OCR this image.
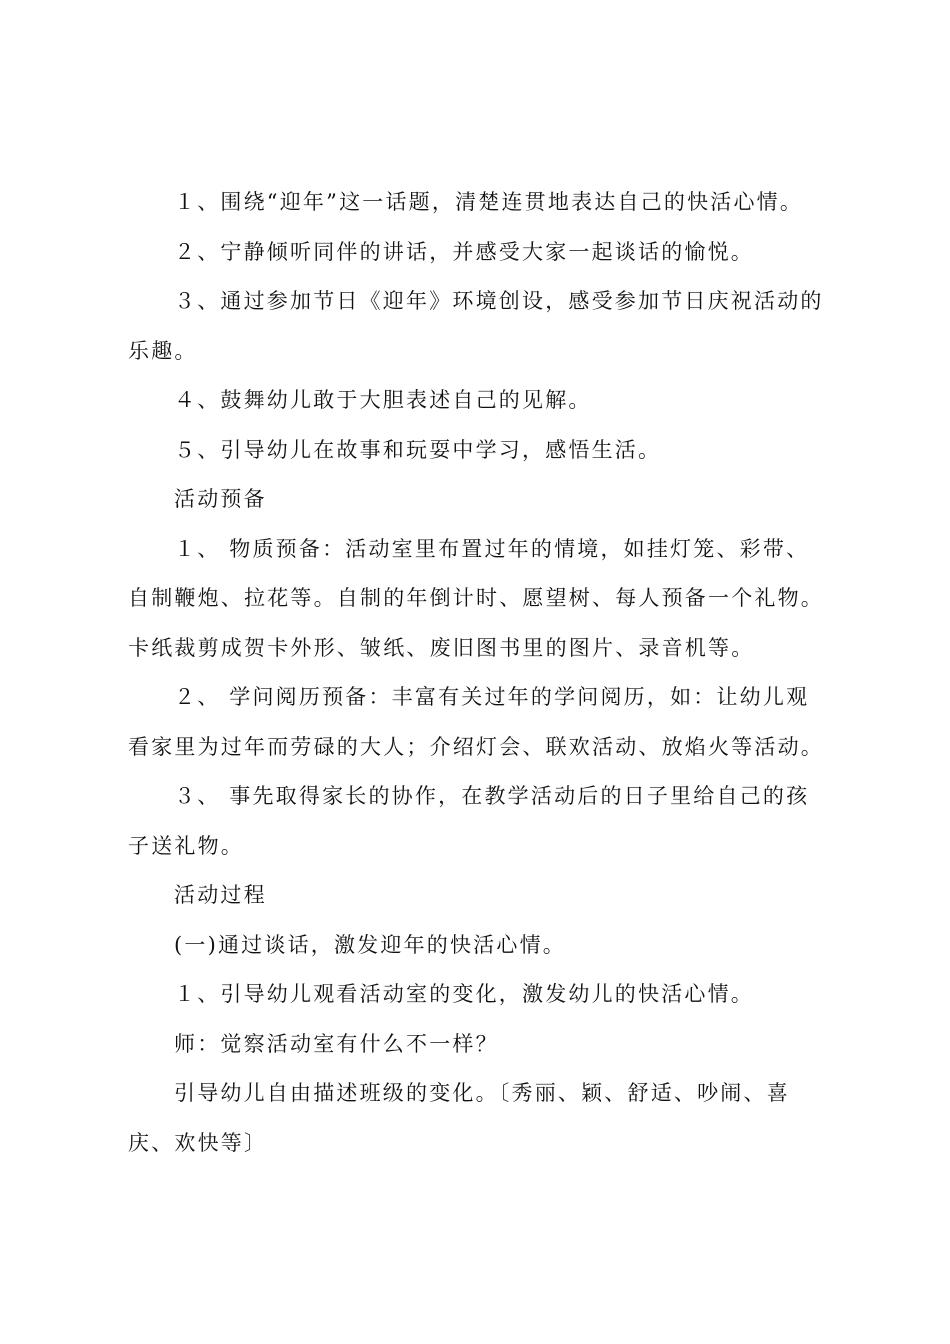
１、围绕“迎年”这一话题，清楚连贯地表达自己的快活心情。

２、宁静倾听同伴的讲话，并感受大家一起谈话的愉悦。

３、通过参加节日《迎年》环境创设，感受参加节日庆祝活动的乐趣。

４、鼓舞幼儿敢于大胆表述自己的见解。

５、引导幼儿在故事和玩耍中学习，感悟生活。

活动预备

１、 物质预备：活动室里布置过年的情境，如挂灯笼、彩带、自制鞭炮、拉花等。自制的年倒计时、愿望树、每人预备一个礼物。卡纸裁剪成贺卡外形、皱纸、废旧图书里的图片、录音机等。

２、 学问阅历预备：丰富有关过年的学问阅历，如：让幼儿观看家里为过年而劳碌的大人；介绍灯会、联欢活动、放焰火等活动。

３、 事先取得家长的协作，在教学活动后的日子里给自己的孩子送礼物。

活动过程

(一)通过谈话，激发迎年的快活心情。

１、引导幼儿观看活动室的变化，激发幼儿的快活心情。

师：觉察活动室有什么不一样？

引导幼儿自由描述班级的变化。〔秀丽、颖、舒适、吵闹、喜庆、欢快等〕
